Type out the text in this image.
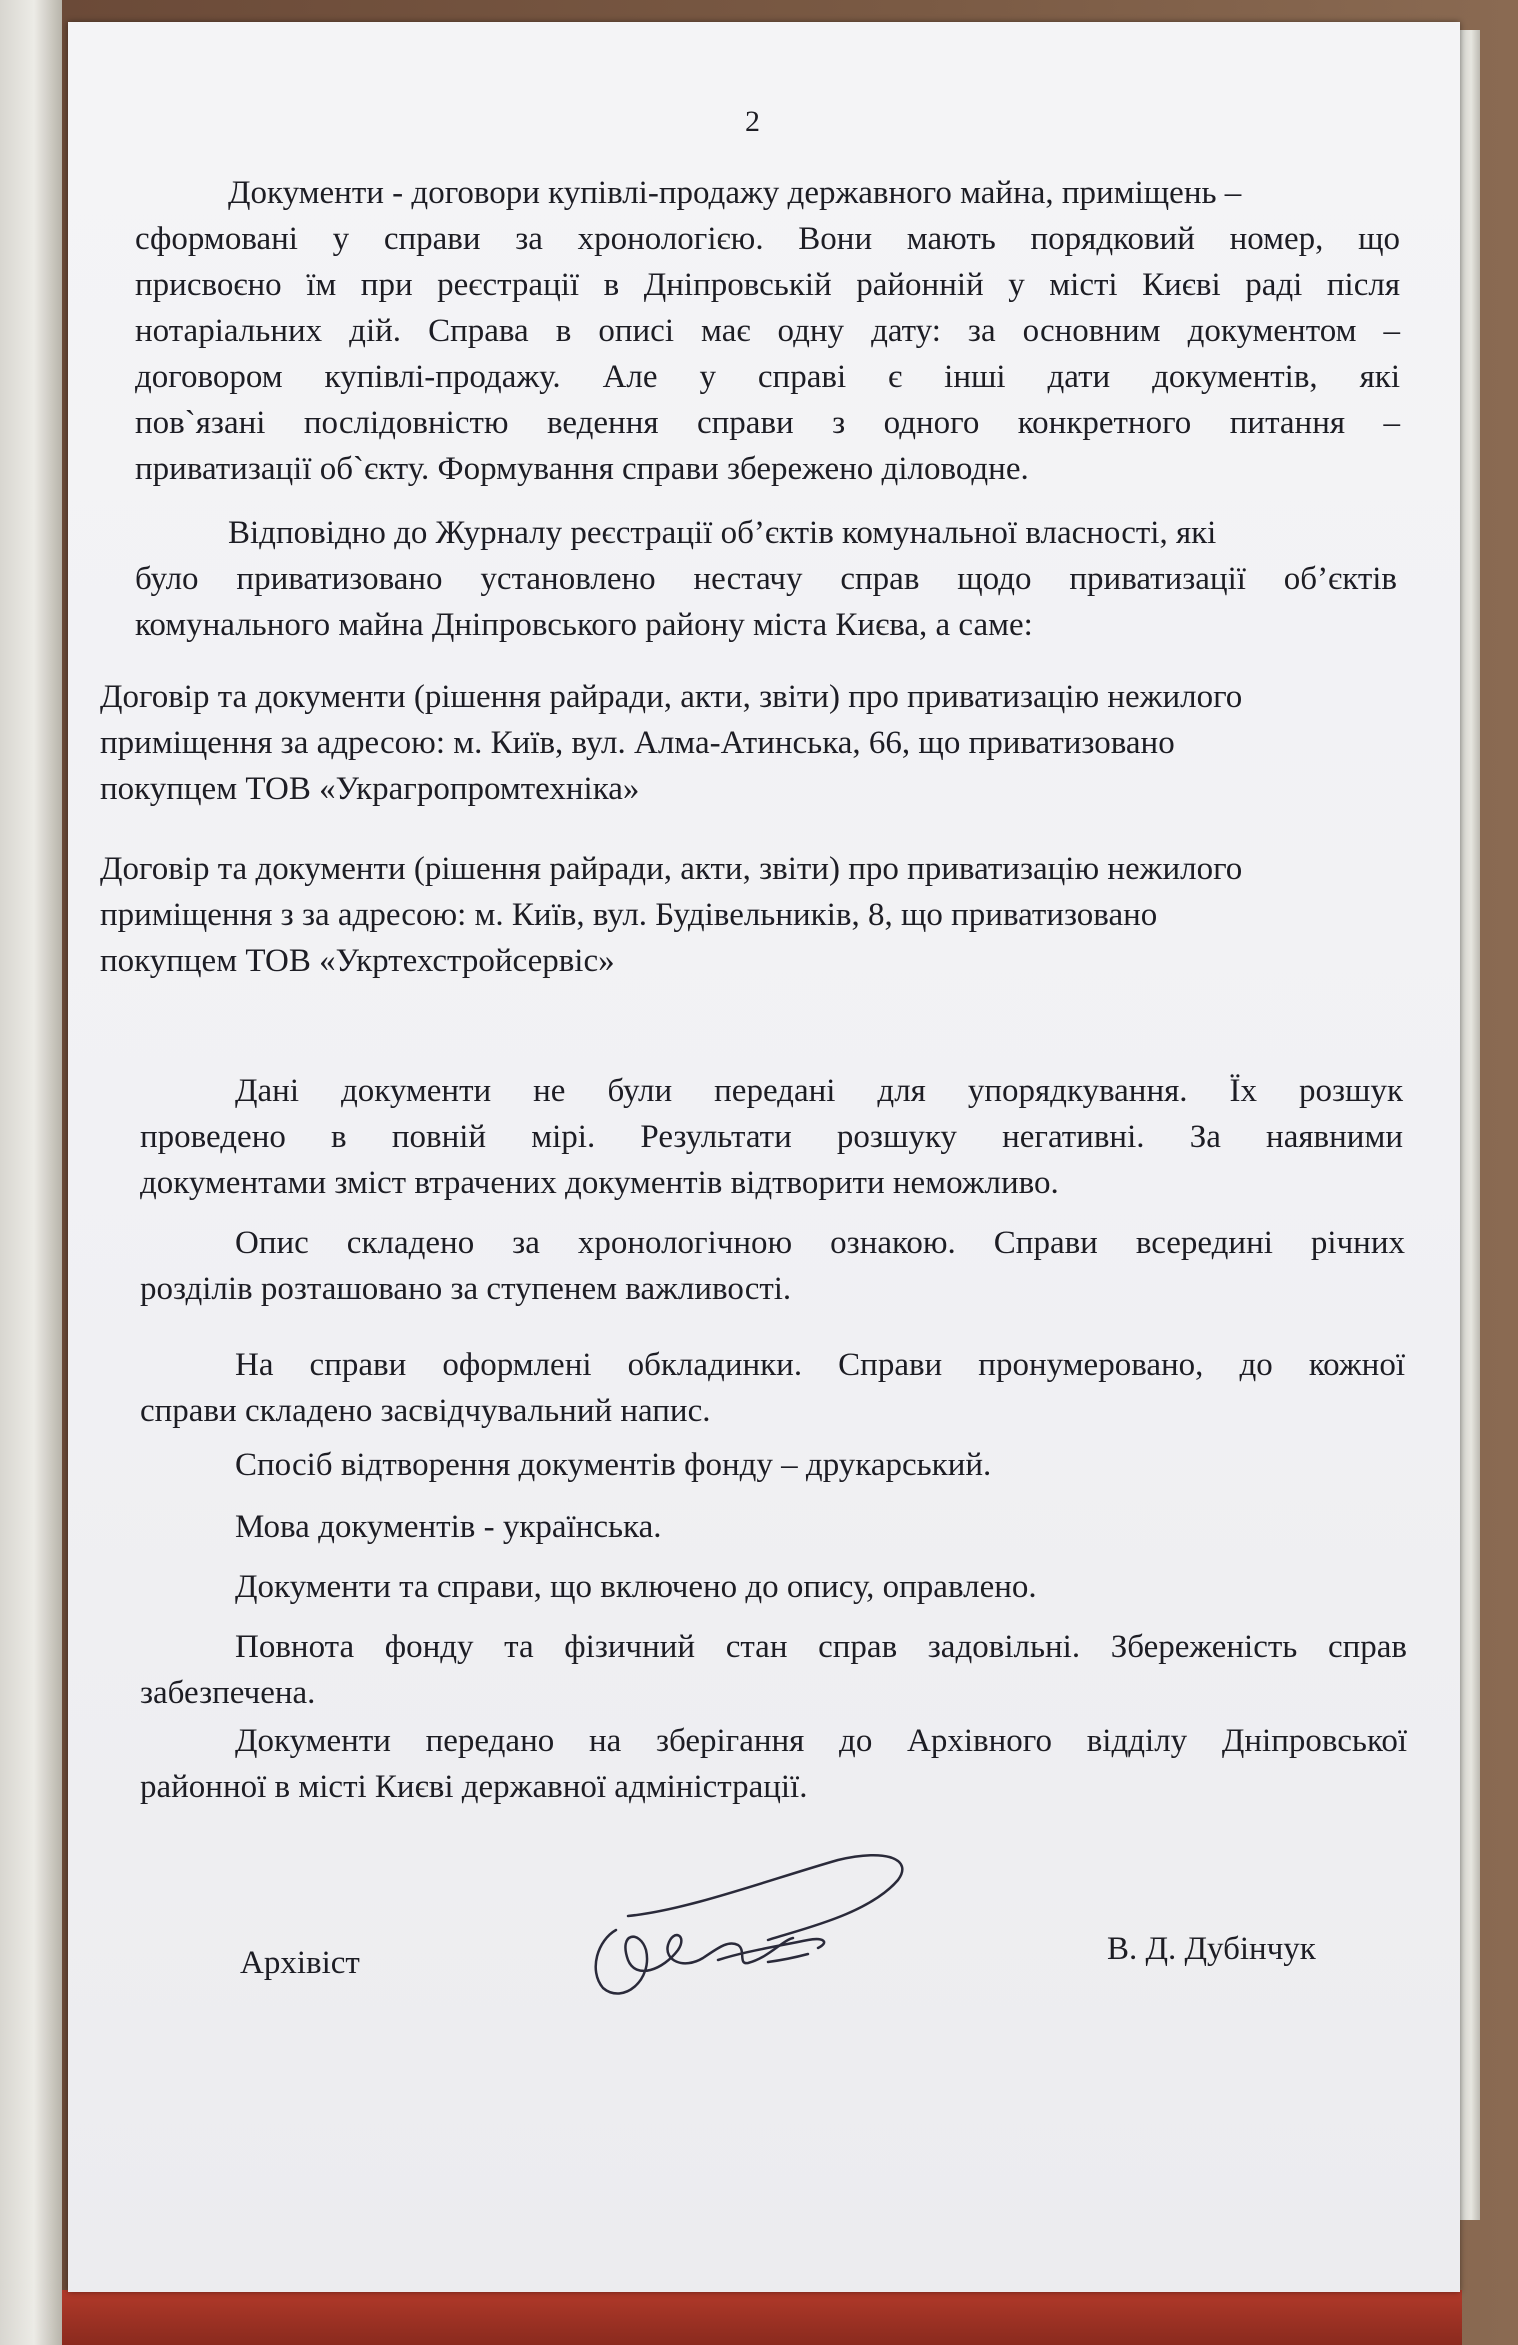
2
Документи - договори купівлі-продажу державного майна, приміщень –
сформовані у справи за хронологією. Вони мають порядковий номер, що
присвоєно їм при реєстрації в Дніпровській районній у місті Києві раді після
нотаріальних дій. Справа в описі має одну дату: за основним документом –
договором купівлі-продажу. Але у справі є інші дати документів, які
пов`язані послідовністю ведення справи з одного конкретного питання –
приватизації об`єкту. Формування справи збережено діловодне.
Відповідно до Журналу реєстрації об’єктів комунальної власності, які
було приватизовано установлено нестачу справ щодо приватизації об’єктів
комунального майна Дніпровського району міста Києва, а саме:
Договір та документи (рішення райради, акти, звіти) про приватизацію нежилого
приміщення за адресою: м. Київ, вул. Алма-Атинська, 66, що приватизовано
покупцем ТОВ «Украгропромтехніка»
Договір та документи (рішення райради, акти, звіти) про приватизацію нежилого
приміщення з за адресою: м. Київ, вул. Будівельників, 8, що приватизовано
покупцем ТОВ «Укртехстройсервіс»
Дані документи не були передані для упорядкування. Їх розшук
проведено в повній мірі. Результати розшуку негативні. За наявними
документами зміст втрачених документів відтворити неможливо.
Опис складено за хронологічною ознакою. Справи всередині річних
розділів розташовано за ступенем важливості.
На справи оформлені обкладинки. Справи пронумеровано, до кожної
справи складено засвідчувальний напис.
Спосіб відтворення документів фонду – друкарський.
Мова документів - українська.
Документи та справи, що включено до опису, оправлено.
Повнота фонду та фізичний стан справ задовільні. Збереженість справ
забезпечена.
Документи передано на зберігання до Архівного відділу Дніпровської
районної в місті Києві державної адміністрації.
Архівіст	В. Д. Дубінчук
